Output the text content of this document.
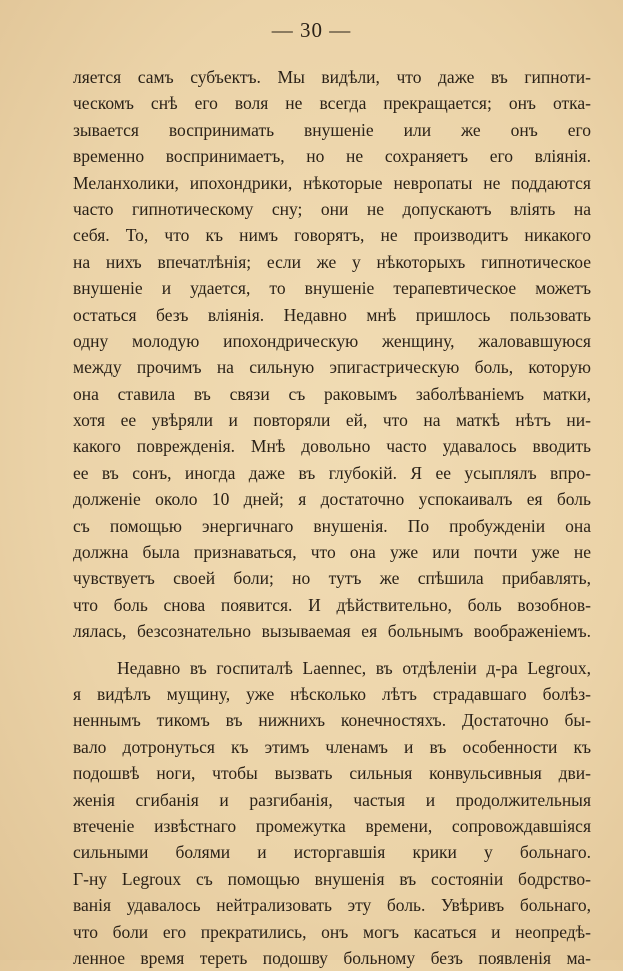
— 30 —
ляется самъ субъектъ. Мы видѣли, что даже въ гипноти-
ческомъ снѣ его воля не всегда прекращается; онъ отка-
зывается воспринимать внушеніе или же онъ его
временно воспринимаетъ, но не сохраняетъ его вліянія.
Меланхолики, ипохондрики, нѣкоторые невропаты не поддаются
часто гипнотическому сну; они не допускаютъ вліять на
себя. То, что къ нимъ говорятъ, не производитъ никакого
на нихъ впечатлѣнія; если же у нѣкоторыхъ гипнотическое
внушеніе и удается, то внушеніе терапевтическое можетъ
остаться безъ вліянія. Недавно мнѣ пришлось пользовать
одну молодую ипохондрическую женщину, жаловавшуюся
между прочимъ на сильную эпигастрическую боль, которую
она ставила въ связи съ раковымъ заболѣваніемъ матки,
хотя ее увѣряли и повторяли ей, что на маткѣ нѣтъ ни-
какого поврежденія. Мнѣ довольно часто удавалось вводить
ее въ сонъ, иногда даже въ глубокій. Я ее усыплялъ впро-
долженіе около 10 дней; я достаточно успокаивалъ ея боль
съ помощью энергичнаго внушенія. По пробужденіи она
должна была признаваться, что она уже или почти уже не
чувствуетъ своей боли; но тутъ же спѣшила прибавлять,
что боль снова появится. И дѣйствительно, боль возобнов-
лялась, безсознательно вызываемая ея больнымъ воображеніемъ.
Недавно въ госпиталѣ Laennec, въ отдѣленіи д-ра Legroux,
я видѣлъ мущину, уже нѣсколько лѣтъ страдавшаго болѣз-
неннымъ тикомъ въ нижнихъ конечностяхъ. Достаточно бы-
вало дотронуться къ этимъ членамъ и въ особенности къ
подошвѣ ноги, чтобы вызвать сильныя конвульсивныя дви-
женія сгибанія и разгибанія, частыя и продолжительныя
втеченіе извѣстнаго промежутка времени, сопровождавшіяся
сильными болями и исторгавшія крики у больнаго.
Г-ну Legroux съ помощью внушенія въ состояніи бодрство-
ванія удавалось нейтрализовать эту боль. Увѣривъ больнаго,
что боли его прекратились, онъ могъ касаться и неопредѣ-
ленное время тереть подошву больному безъ появленія ма-
